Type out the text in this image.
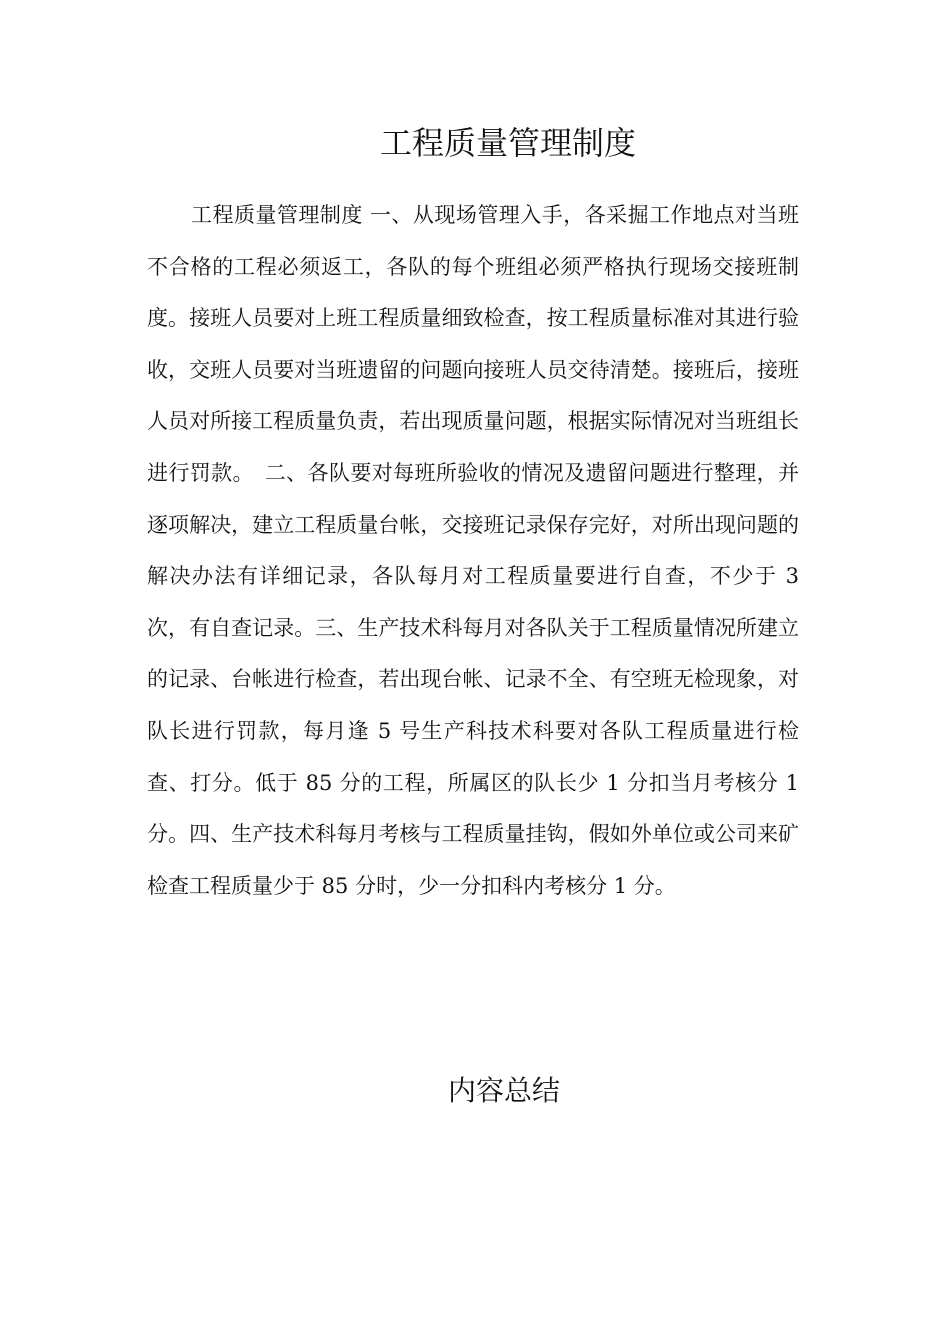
工程质量管理制度

工程质量管理制度 一、从现场管理入手，各采掘工作地点对当班不合格的工程必须返工，各队的每个班组必须严格执行现场交接班制度。接班人员要对上班工程质量细致检查，按工程质量标准对其进行验收，交班人员要对当班遗留的问题向接班人员交待清楚。接班后，接班人员对所接工程质量负责，若出现质量问题，根据实际情况对当班组长进行罚款。　二、各队要对每班所验收的情况及遗留问题进行整理，并逐项解决，建立工程质量台帐，交接班记录保存完好，对所出现问题的解决办法有详细记录，各队每月对工程质量要进行自查，不少于 3 次，有自查记录。三、生产技术科每月对各队关于工程质量情况所建立的记录、台帐进行检查，若出现台帐、记录不全、有空班无检现象，对队长进行罚款，每月逢 5 号生产科技术科要对各队工程质量进行检查、打分。低于 85 分的工程，所属区的队长少 1 分扣当月考核分 1 分。四、生产技术科每月考核与工程质量挂钩，假如外单位或公司来矿检查工程质量少于 85 分时，少一分扣科内考核分 1 分。

内容总结
